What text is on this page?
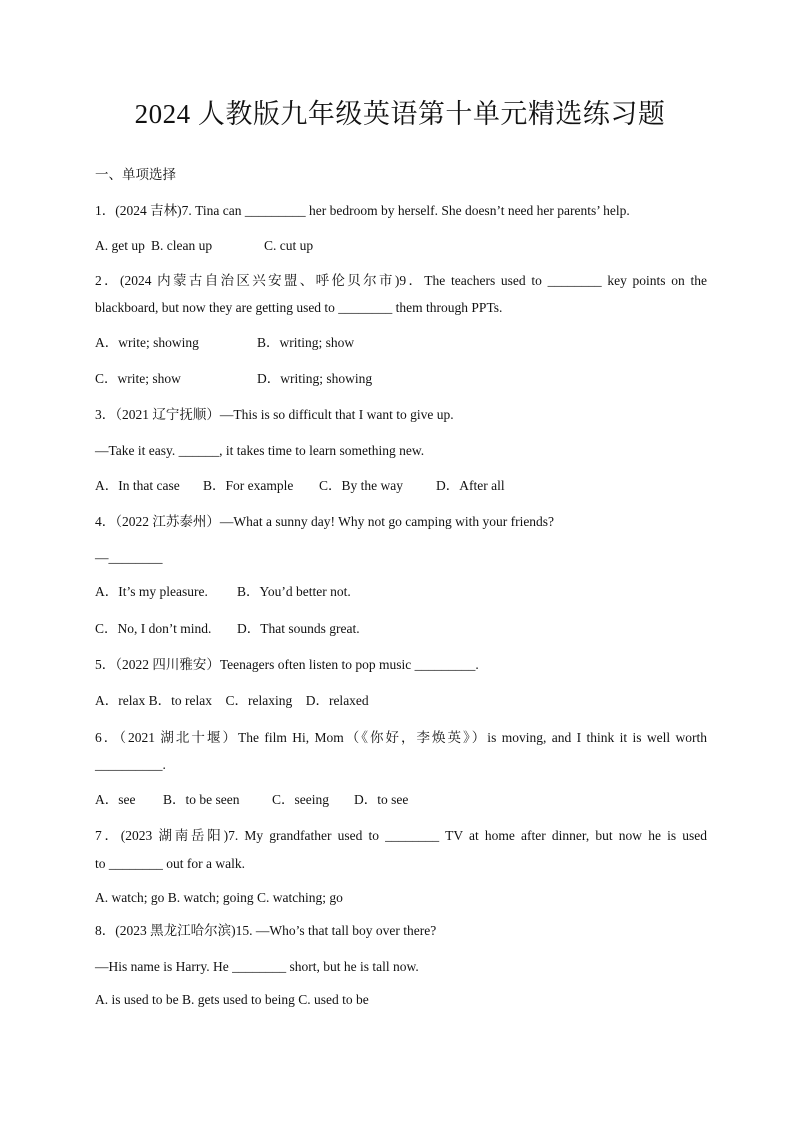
2024 人教版九年级英语第十单元精选练习题
一、单项选择
1．(2024 吉林)7. Tina can _________ her bedroom by herself. She doesn’t need her parents’ help.
A. get up B. clean up	C. cut up
2．(2024 内蒙古自治区兴安盟、呼伦贝尔市)9．The teachers used to ________ key points on the
blackboard, but now they are getting used to ________ them through PPTs.
A．write; showing	B．writing; show
C．write; show	D．writing; showing
3．（2021 辽宁抚顺）—This is so difficult that I want to give up.
—Take it easy. ______, it takes time to learn something new.
A．In that case B．For example C．By the way D．After all
4．（2022 江苏泰州）—What a sunny day! Why not go camping with your friends?
—________
A．It’s my pleasure. B．You’d better not.
C．No, I don’t mind. D．That sounds great.
5．（2022 四川雅安）Teenagers often listen to pop music _________.
A．relax B．to relax　C．relaxing　D．relaxed
6．（2021 湖北十堰）The film Hi, Mom（《你好，李焕英》）is moving, and I think it is well worth
__________.
A．see B．to be seen C．seeing D．to see
7．(2023 湖南岳阳)7. My grandfather used to ________ TV at home after dinner, but now he is used
to ________ out for a walk.
A. watch; go B. watch; going C. watching; go
8．(2023 黑龙江哈尔滨)15. —Who’s that tall boy over there?
—His name is Harry. He ________ short, but he is tall now.
A. is used to be B. gets used to being C. used to be
